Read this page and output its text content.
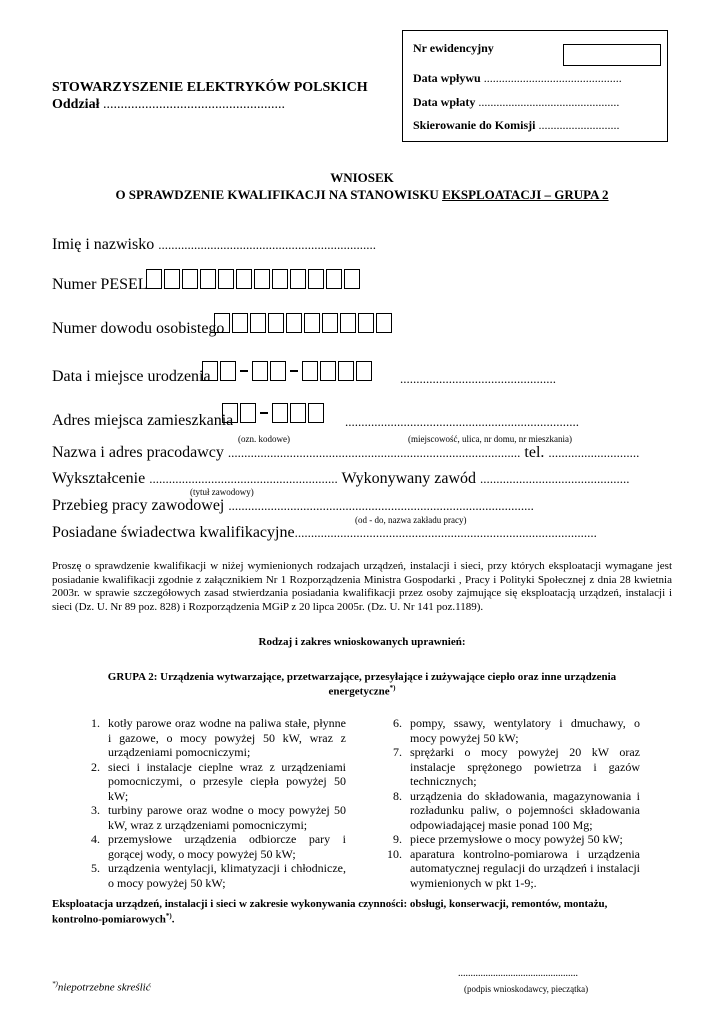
STOWARZYSZENIE ELEKTRYKÓW POLSKICH
Oddział ....................................................
Nr ewidencyjny
Data wpływu ..............................................
Data wpłaty ...............................................
Skierowanie do Komisji ...........................
WNIOSEK
O SPRAWDZENIE KWALIFIKACJI NA STANOWISKU EKSPLOATACJI – GRUPA 2
Imię i nazwisko ...................................................................
Numer PESEL
Numer dowodu osobistego
Data i miejsce urodzenia	................................................
Adres miejsca zamieszkania	........................................................................
(ozn. kodowe)	(miejscowość, ulica, nr domu, nr mieszkania)
Nazwa i adres pracodawcy .......................................................................................... tel. ............................
Wykształcenie .......................................................... Wykonywany zawód ..............................................
(tytuł zawodowy)
Przebieg pracy zawodowej ..............................................................................................
(od - do, nazwa zakładu pracy)
Posiadane świadectwa kwalifikacyjne.............................................................................................
Proszę o sprawdzenie kwalifikacji w niżej wymienionych rodzajach urządzeń, instalacji i sieci, przy których eksploatacji wymagane jest posiadanie kwalifikacji zgodnie z załącznikiem Nr 1 Rozporządzenia Ministra Gospodarki , Pracy i Polityki Społecznej z dnia 28 kwietnia 2003r. w sprawie szczegółowych zasad stwierdzania posiadania kwalifikacji przez osoby zajmujące się eksploatacją urządzeń, instalacji i sieci (Dz. U. Nr 89 poz. 828) i Rozporządzenia MGiP z 20 lipca 2005r. (Dz. U. Nr 141 poz.1189).
Rodzaj i zakres wnioskowanych uprawnień:
GRUPA 2: Urządzenia wytwarzające, przetwarzające, przesyłające i zużywające ciepło oraz inne urządzenia
energetyczne*)
1. kotły parowe oraz wodne na paliwa stałe, płynne i gazowe, o mocy powyżej 50 kW, wraz z urządzeniami pomocniczymi;
2. sieci i instalacje cieplne wraz z urządzeniami pomocniczymi, o przesyle ciepła powyżej 50 kW;
3. turbiny parowe oraz wodne o mocy powyżej 50 kW, wraz z urządzeniami pomocniczymi;
4. przemysłowe urządzenia odbiorcze pary i gorącej wody, o mocy powyżej 50 kW;
5. urządzenia wentylacji, klimatyzacji i chłodnicze, o mocy powyżej 50 kW;
6. pompy, ssawy, wentylatory i dmuchawy, o mocy powyżej 50 kW;
7. sprężarki o mocy powyżej 20 kW oraz instalacje sprężonego powietrza i gazów technicznych;
8. urządzenia do składowania, magazynowania i rozładunku paliw, o pojemności składowania odpowiadającej masie ponad 100 Mg;
9. piece przemysłowe o mocy powyżej 50 kW;
10. aparatura kontrolno-pomiarowa i urządzenia automatycznej regulacji do urządzeń i instalacji wymienionych w pkt 1-9;.
Eksploatacja urządzeń, instalacji i sieci w zakresie wykonywania czynności: obsługi, konserwacji, remontów, montażu,
kontrolno-pomiarowych*).
*)niepotrzebne skreślić
................................................
(podpis wnioskodawcy, pieczątka)
